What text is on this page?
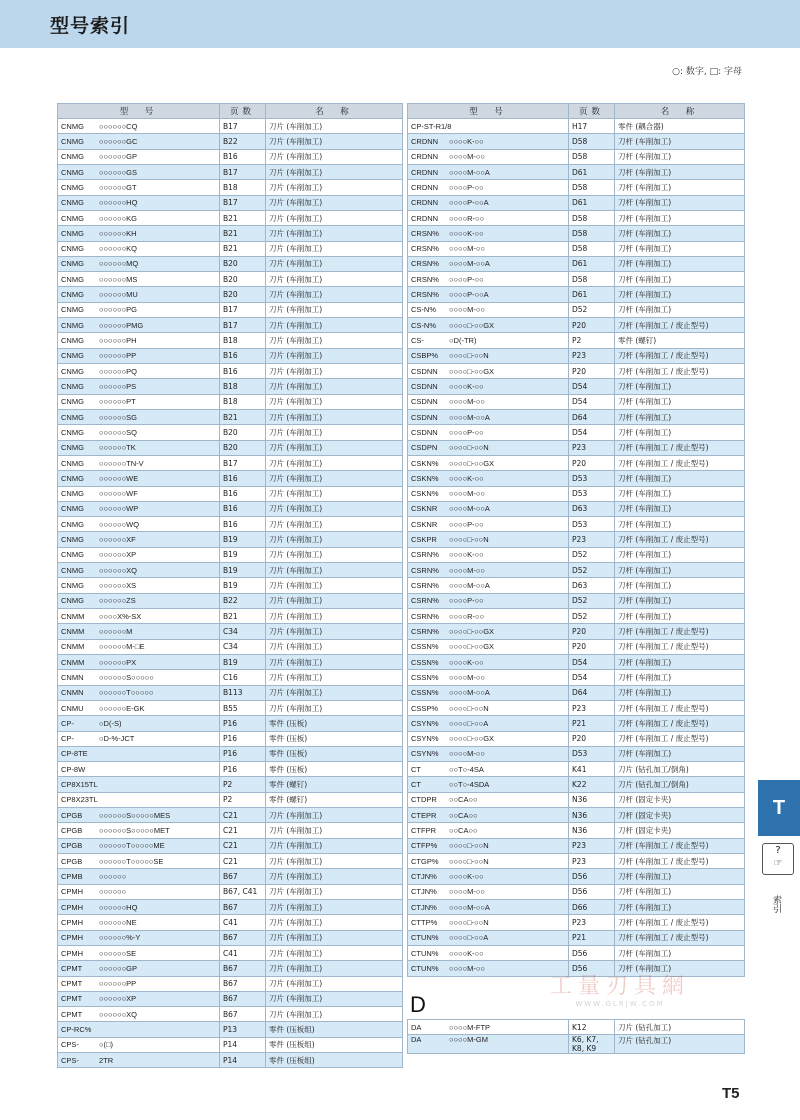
型号索引
○: 数字, □: 字母
型　号	页数	名　称
CNMG ○○○○○○CQ	B17	刀片 (车削加工)
CNMG ○○○○○○GC	B22	刀片 (车削加工)
CNMG ○○○○○○GP	B16	刀片 (车削加工)
CNMG ○○○○○○GS	B17	刀片 (车削加工)
CNMG ○○○○○○GT	B18	刀片 (车削加工)
CNMG ○○○○○○HQ	B17	刀片 (车削加工)
CNMG ○○○○○○KG	B21	刀片 (车削加工)
CNMG ○○○○○○KH	B21	刀片 (车削加工)
CNMG ○○○○○○KQ	B21	刀片 (车削加工)
CNMG ○○○○○○MQ	B20	刀片 (车削加工)
CNMG ○○○○○○MS	B20	刀片 (车削加工)
CNMG ○○○○○○MU	B20	刀片 (车削加工)
CNMG ○○○○○○PG	B17	刀片 (车削加工)
CNMG ○○○○○○PMG	B17	刀片 (车削加工)
CNMG ○○○○○○PH	B18	刀片 (车削加工)
CNMG ○○○○○○PP	B16	刀片 (车削加工)
CNMG ○○○○○○PQ	B16	刀片 (车削加工)
CNMG ○○○○○○PS	B18	刀片 (车削加工)
CNMG ○○○○○○PT	B18	刀片 (车削加工)
CNMG ○○○○○○SG	B21	刀片 (车削加工)
CNMG ○○○○○○SQ	B20	刀片 (车削加工)
CNMG ○○○○○○TK	B20	刀片 (车削加工)
CNMG ○○○○○○TN-V	B17	刀片 (车削加工)
CNMG ○○○○○○WE	B16	刀片 (车削加工)
CNMG ○○○○○○WF	B16	刀片 (车削加工)
CNMG ○○○○○○WP	B16	刀片 (车削加工)
CNMG ○○○○○○WQ	B16	刀片 (车削加工)
CNMG ○○○○○○XF	B19	刀片 (车削加工)
CNMG ○○○○○○XP	B19	刀片 (车削加工)
CNMG ○○○○○○XQ	B19	刀片 (车削加工)
CNMG ○○○○○○XS	B19	刀片 (车削加工)
CNMG ○○○○○○ZS	B22	刀片 (车削加工)
CNMM ○○○○X%-SX	B21	刀片 (车削加工)
CNMM ○○○○○○M	C34	刀片 (车削加工)
CNMM ○○○○○○M-□E	C34	刀片 (车削加工)
CNMM ○○○○○○PX	B19	刀片 (车削加工)
CNMN ○○○○○○S○○○○○	C16	刀片 (车削加工)
CNMN ○○○○○○T○○○○○	B113	刀片 (车削加工)
CNMU ○○○○○○E-GK	B55	刀片 (车削加工)
CP- ○D(-S)	P16	零件 (压板)
CP- ○D-%-JCT	P16	零件 (压板)
CP-8TE	P16	零件 (压板)
CP-8W	P16	零件 (压板)
CP8X15TL	P2	零件 (螺钉)
CP8X23TL	P2	零件 (螺钉)
CPGB ○○○○○○S○○○○○MES	C21	刀片 (车削加工)
CPGB ○○○○○○S○○○○○MET	C21	刀片 (车削加工)
CPGB ○○○○○○T○○○○○ME	C21	刀片 (车削加工)
CPGB ○○○○○○T○○○○○SE	C21	刀片 (车削加工)
CPMB ○○○○○○	B67	刀片 (车削加工)
CPMH ○○○○○○	B67, C41	刀片 (车削加工)
CPMH ○○○○○○HQ	B67	刀片 (车削加工)
CPMH ○○○○○○NE	C41	刀片 (车削加工)
CPMH ○○○○○○%-Y	B67	刀片 (车削加工)
CPMH ○○○○○○SE	C41	刀片 (车削加工)
CPMT ○○○○○○GP	B67	刀片 (车削加工)
CPMT ○○○○○○PP	B67	刀片 (车削加工)
CPMT ○○○○○○XP	B67	刀片 (车削加工)
CPMT ○○○○○○XQ	B67	刀片 (车削加工)
CP-RC%	P13	零件 (压板组)
CPS- ○(□)	P14	零件 (压板组)
CPS- 2TR	P14	零件 (压板组)
型　号	页数	名　称
CP-ST-R1/8	H17	零件 (耦合器)
CRDNN ○○○○K-○○	D58	刀杆 (车削加工)
CRDNN ○○○○M-○○	D58	刀杆 (车削加工)
CRDNN ○○○○M-○○A	D61	刀杆 (车削加工)
CRDNN ○○○○P-○○	D58	刀杆 (车削加工)
CRDNN ○○○○P-○○A	D61	刀杆 (车削加工)
CRDNN ○○○○R-○○	D58	刀杆 (车削加工)
CRSN% ○○○○K-○○	D58	刀杆 (车削加工)
CRSN% ○○○○M-○○	D58	刀杆 (车削加工)
CRSN% ○○○○M-○○A	D61	刀杆 (车削加工)
CRSN% ○○○○P-○○	D58	刀杆 (车削加工)
CRSN% ○○○○P-○○A	D61	刀杆 (车削加工)
CS-N% ○○○○M-○○	D52	刀杆 (车削加工)
CS-N% ○○○○□-○○GX	P20	刀杆 (车削加工 / 废止型号)
CS- ○D(-TR)	P2	零件 (螺钉)
CSBP% ○○○○□-○○N	P23	刀杆 (车削加工 / 废止型号)
CSDNN ○○○○□-○○GX	P20	刀杆 (车削加工 / 废止型号)
CSDNN ○○○○K-○○	D54	刀杆 (车削加工)
CSDNN ○○○○M-○○	D54	刀杆 (车削加工)
CSDNN ○○○○M-○○A	D64	刀杆 (车削加工)
CSDNN ○○○○P-○○	D54	刀杆 (车削加工)
CSDPN ○○○○□-○○N	P23	刀杆 (车削加工 / 废止型号)
CSKN% ○○○○□-○○GX	P20	刀杆 (车削加工 / 废止型号)
CSKN% ○○○○K-○○	D53	刀杆 (车削加工)
CSKN% ○○○○M-○○	D53	刀杆 (车削加工)
CSKNR ○○○○M-○○A	D63	刀杆 (车削加工)
CSKNR ○○○○P-○○	D53	刀杆 (车削加工)
CSKPR ○○○○□-○○N	P23	刀杆 (车削加工 / 废止型号)
CSRN% ○○○○K-○○	D52	刀杆 (车削加工)
CSRN% ○○○○M-○○	D52	刀杆 (车削加工)
CSRN% ○○○○M-○○A	D63	刀杆 (车削加工)
CSRN% ○○○○P-○○	D52	刀杆 (车削加工)
CSRN% ○○○○R-○○	D52	刀杆 (车削加工)
CSRN% ○○○○□-○○GX	P20	刀杆 (车削加工 / 废止型号)
CSSN% ○○○○□-○○GX	P20	刀杆 (车削加工 / 废止型号)
CSSN% ○○○○K-○○	D54	刀杆 (车削加工)
CSSN% ○○○○M-○○	D54	刀杆 (车削加工)
CSSN% ○○○○M-○○A	D64	刀杆 (车削加工)
CSSP% ○○○○□-○○N	P23	刀杆 (车削加工 / 废止型号)
CSYN% ○○○○□-○○A	P21	刀杆 (车削加工 / 废止型号)
CSYN% ○○○○□-○○GX	P20	刀杆 (车削加工 / 废止型号)
CSYN% ○○○○M-○○	D53	刀杆 (车削加工)
CT ○○T○-4SA	K41	刀片 (钻孔加工/倒角)
CT ○○T○-4SDA	K22	刀片 (钻孔加工/倒角)
CTDPR ○○CA○○	N36	刀杆 (固定卡夹)
CTEPR ○○CA○○	N36	刀杆 (固定卡夹)
CTFPR ○○CA○○	N36	刀杆 (固定卡夹)
CTFP% ○○○○□-○○N	P23	刀杆 (车削加工 / 废止型号)
CTGP% ○○○○□-○○N	P23	刀杆 (车削加工 / 废止型号)
CTJN% ○○○○K-○○	D56	刀杆 (车削加工)
CTJN% ○○○○M-○○	D56	刀杆 (车削加工)
CTJN% ○○○○M-○○A	D66	刀杆 (车削加工)
CTTP% ○○○○□-○○N	P23	刀杆 (车削加工 / 废止型号)
CTUN% ○○○○□-○○A	P21	刀杆 (车削加工 / 废止型号)
CTUN% ○○○○K-○○	D56	刀杆 (车削加工)
CTUN% ○○○○M-○○	D56	刀杆 (车削加工)
D
DA ○○○○M-FTP	K12	刀片 (钻孔加工)
DA ○○○○M-GM	K6, K7, K8, K9	刀片 (钻孔加工)
工量刃具網
WWW.GLRJW.COM
T
?
☞
索引
T5
